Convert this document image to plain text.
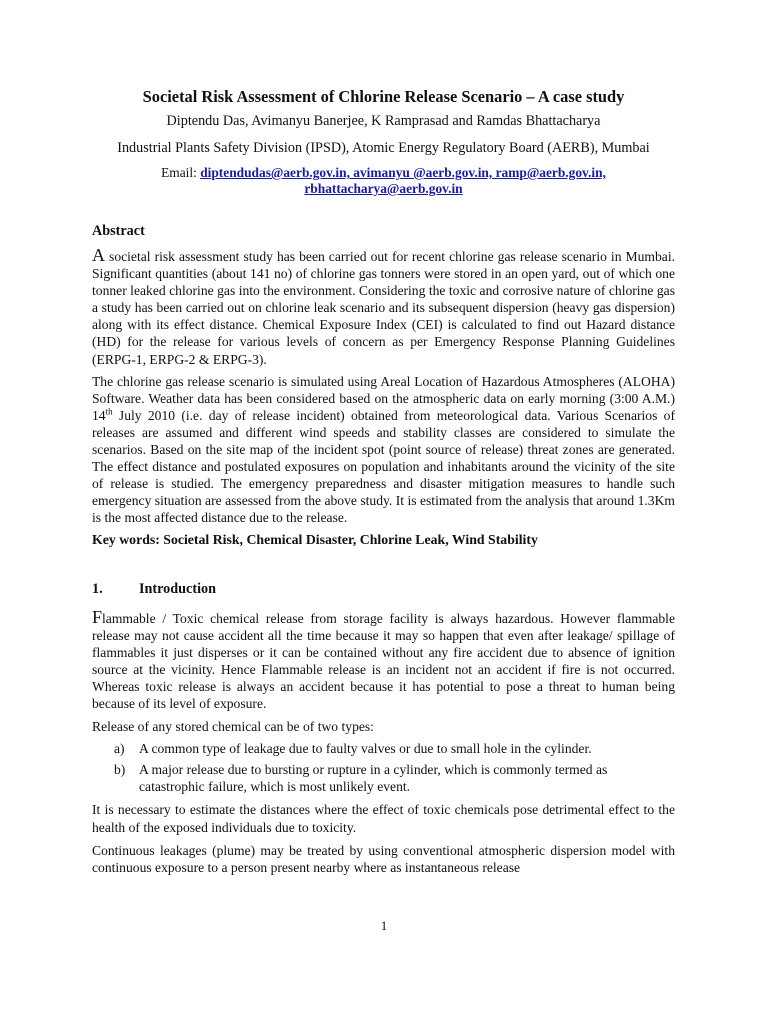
Societal Risk Assessment of Chlorine Release Scenario – A case study
Diptendu Das, Avimanyu Banerjee, K Ramprasad and Ramdas Bhattacharya
Industrial Plants Safety Division (IPSD), Atomic Energy Regulatory Board (AERB), Mumbai
Email: diptendudas@aerb.gov.in, avimanyu @aerb.gov.in, ramp@aerb.gov.in,
rbhattacharya@aerb.gov.in
Abstract

A societal risk assessment study has been carried out for recent chlorine gas release scenario in Mumbai. Significant quantities (about 141 no) of chlorine gas tonners were stored in an open yard, out of which one tonner leaked chlorine gas into the environment. Considering the toxic and corrosive nature of chlorine gas a study has been carried out on chlorine leak scenario and its subsequent dispersion (heavy gas dispersion) along with its effect distance. Chemical Exposure Index (CEI) is calculated to find out Hazard distance (HD) for the release for various levels of concern as per Emergency Response Planning Guidelines (ERPG-1, ERPG-2 & ERPG-3).

The chlorine gas release scenario is simulated using Areal Location of Hazardous Atmospheres (ALOHA) Software. Weather data has been considered based on the atmospheric data on early morning (3:00 A.M.) 14th July 2010 (i.e. day of release incident) obtained from meteorological data. Various Scenarios of releases are assumed and different wind speeds and stability classes are considered to simulate the scenarios. Based on the site map of the incident spot (point source of release) threat zones are generated. The effect distance and postulated exposures on population and inhabitants around the vicinity of the site of release is studied. The emergency preparedness and disaster mitigation measures to handle such emergency situation are assessed from the above study. It is estimated from the analysis that around 1.3Km is the most affected distance due to the release.

Key words: Societal Risk, Chemical Disaster, Chlorine Leak, Wind Stability
1.	Introduction

Flammable / Toxic chemical release from storage facility is always hazardous. However flammable release may not cause accident all the time because it may so happen that even after leakage/ spillage of flammables it just disperses or it can be contained without any fire accident due to absence of ignition source at the vicinity. Hence Flammable release is an incident not an accident if fire is not occurred. Whereas toxic release is always an accident because it has potential to pose a threat to human being because of its level of exposure.

Release of any stored chemical can be of two types:

a) A common type of leakage due to faulty valves or due to small hole in the cylinder.
b) A major release due to bursting or rupture in a cylinder, which is commonly termed as catastrophic failure, which is most unlikely event.

It is necessary to estimate the distances where the effect of toxic chemicals pose detrimental effect to the health of the exposed individuals due to toxicity.

Continuous leakages (plume) may be treated by using conventional atmospheric dispersion model with continuous exposure to a person present nearby where as instantaneous release

1
